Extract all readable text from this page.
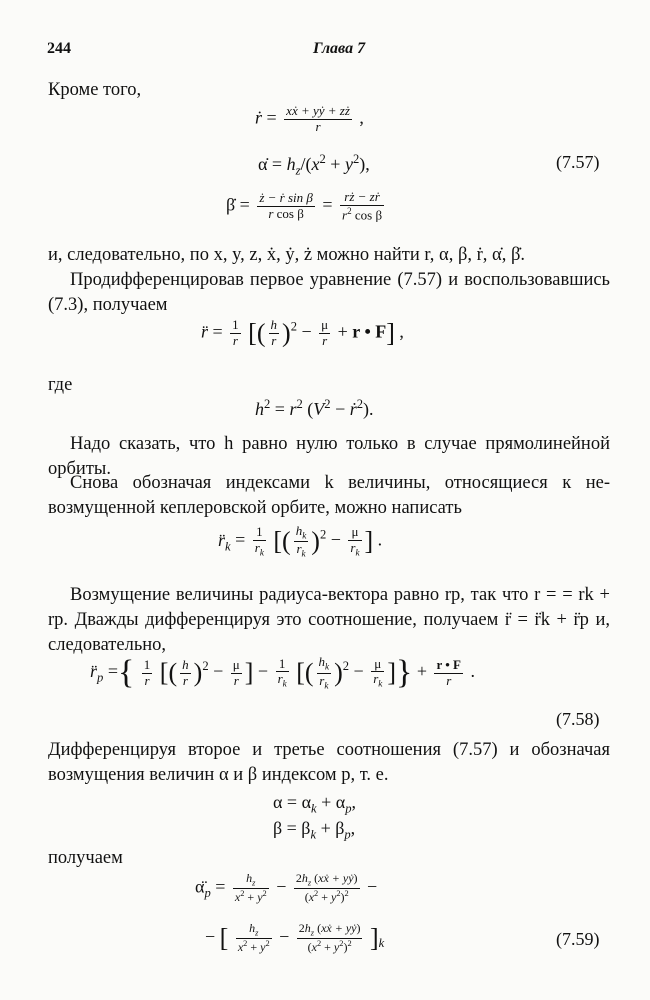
244	Глава 7
Кроме того,
ṙ = $\frac{\text{xẋ + yẏ + zż}}{r}$ ,
α̇ = $h_z/(x^2 + y^2)$,	(7.57)
β̇ = $\frac{\text{ż − ṙ sin β}}{\text{r cos β}} = \frac{\text{rż − zṙ}}{r^2 \cos \beta}$
и, следовательно, по x, y, z, ẋ, ẏ, ż можно найти r, α, β, ṙ, α̇, β̇.
Продифференцировав первое уравнение (7.57) и воспользовавшись (7.3), получаем
r̈ = $\frac{1}{r}$ [( $\frac{h}{r} )^2 - \frac{\mu}{r} + r$ • F] ,
где
$h^2 = r^2$ ($V^2$ − ṙ$^2$).
Надо сказать, что h равно нулю только в случае прямолинейной орбиты.
Снова обозначая индексами k величины, относящиеся к невозмущенной кеплеровской орбите, можно написать
$r̈_k = \frac{1}{r_k}$ [( $\frac{h_k}{r_k} )^2 - \frac{\mu}{r_k}$ ] .
Возмущение величины радиуса-вектора равно rp, так что r = = rk + rp. Дважды дифференцируя это соотношение, получаем r̈ = r̈k + r̈p и, следовательно,
$r̈_p$ ={ $\frac{1}{r}$ [( $\frac{h}{r} )^2 - \frac{\mu}{r}$ ] − $\frac{1}{r_k}$ [( $\frac{h_k}{r_k} )^2 - \frac{\mu}{r_k}$ ]} + $\frac{r • F}{r}$ .
(7.58)
Дифференцируя второе и третье соотношения (7.57) и обозначая возмущения величин α и β индексом p, т. е.
$\alpha = \alpha_k + \alpha_p$,
$\beta = \beta_k + \beta_p$,
получаем
$\alphä_p = \frac{h_z}{x^2 + y^2} - \frac{2h_z (xẋ + yẏ)}{(x^2 + y^2)^2}$ −
− [ $\frac{h_z}{x^2 + y^2} - \frac{2h_z (xẋ + yẏ)}{(x^2 + y^2)^2} ]_k$	(7.59)
